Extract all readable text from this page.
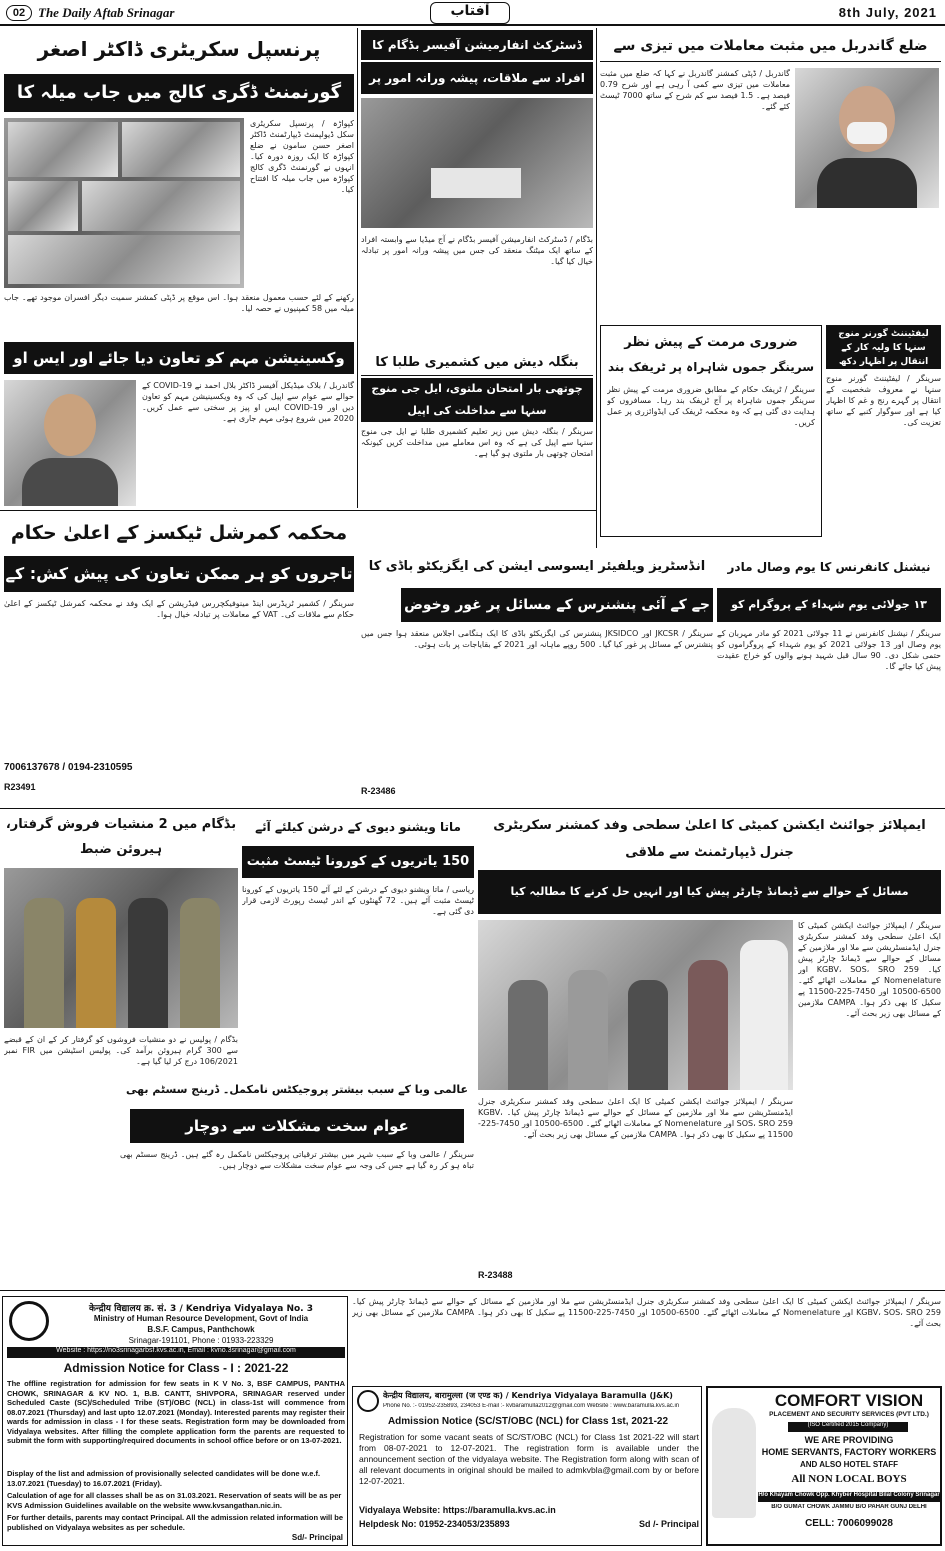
02 The Daily Aftab Srinagar	آفتاب	8th July, 2021
پرنسپل سکریٹری ڈاکٹر اصغر
گورنمنٹ ڈگری کالج میں جاب میلہ کا
کپواڑہ / پرنسپل سکریٹری سکل ڈیولپمنٹ ڈیپارٹمنٹ ڈاکٹر اصغر حسن سامون نے ضلع کپواڑہ کا ایک روزہ دورہ کیا۔ انہوں نے گورنمنٹ ڈگری کالج کپواڑہ میں جاب میلہ کا افتتاح کیا۔
رکھنے کے لئے حسب معمول منعقد ہوا۔ اس موقع پر ڈپٹی کمشنر سمیت دیگر افسران موجود تھے۔ جاب میلہ میں 58 کمپنیوں نے حصہ لیا۔
وکسینیشن مہم کو تعاون دیا جائے اور ایس او
گاندربل / بلاک میڈیکل آفیسر ڈاکٹر بلال احمد نے COVID-19 کے حوالے سے عوام سے اپیل کی کہ وہ ویکسینیشن مہم کو تعاون دیں اور COVID-19 ایس او پیز پر سختی سے عمل کریں۔ 2020 میں شروع ہوئی مہم جاری ہے۔
ڈسٹرکٹ انفارمیشن آفیسر بڈگام کا
افراد سے ملاقات، پیشہ ورانہ امور پر
بڈگام / ڈسٹرکٹ انفارمیشن آفیسر بڈگام نے آج میڈیا سے وابستہ افراد کے ساتھ ایک میٹنگ منعقد کی جس میں پیشہ ورانہ امور پر تبادلہ خیال کیا گیا۔
بنگلہ دیش میں کشمیری طلبا کا
چوتھی بار امتحان ملتوی، ایل جی منوج سنہا سے مداخلت کی اپیل
سرینگر / بنگلہ دیش میں زیر تعلیم کشمیری طلبا نے ایل جی منوج سنہا سے اپیل کی ہے کہ وہ اس معاملے میں مداخلت کریں کیونکہ امتحان چوتھی بار ملتوی ہو گیا ہے۔
ضلع گاندربل میں مثبت معاملات میں تیزی سے
گاندربل / ڈپٹی کمشنر گاندربل نے کہا کہ ضلع میں مثبت معاملات میں تیزی سے کمی آ رہی ہے اور شرح 0.79 فیصد ہے۔ 1.5 فیصد سے کم شرح کے ساتھ 7000 ٹیسٹ کئے گئے۔
ضروری مرمت کے پیش نظر
سرینگر جموں شاہراہ پر ٹریفک بند
سرینگر / ٹریفک حکام کے مطابق ضروری مرمت کے پیش نظر سرینگر جموں شاہراہ پر آج ٹریفک بند رہا۔ مسافروں کو ہدایت دی گئی ہے کہ وہ محکمہ ٹریفک کی ایڈوائزری پر عمل کریں۔
لیفٹیننٹ گورنر منوج سنہا کا ولیہ کار کے انتقال پر اظہار دکھ
سرینگر / لیفٹیننٹ گورنر منوج سنہا نے معروف شخصیت کے انتقال پر گہرے رنج و غم کا اظہار کیا ہے اور سوگوار کنبے کے ساتھ تعزیت کی۔
محکمہ کمرشل ٹیکسز کے اعلیٰ حکام
تاجروں کو ہر ممکن تعاون کی پیش کش: کے
سرینگر / کشمیر ٹریڈرس اینڈ مینوفیکچررس فیڈریشن کے ایک وفد نے محکمہ کمرشل ٹیکسز کے اعلیٰ حکام سے ملاقات کی۔ VAT کے معاملات پر تبادلہ خیال ہوا۔
7006137678 / 0194-2310595
R23491
انڈسٹریز ویلفیئر ایسوسی ایشن کی ایگزیکٹو باڈی کا
جے کے آئی پنشنرس کے مسائل پر غور وخوض
سرینگر / JKCSR اور JKSIDCO پنشنرس کی ایگزیکٹو باڈی کا ایک ہنگامی اجلاس منعقد ہوا جس میں پنشنرس کے مسائل پر غور کیا گیا۔ 500 روپے ماہانہ اور 2021 کے بقایاجات پر بات ہوئی۔
R-23486
نیشنل کانفرنس کا یوم وصال مادر
۱۳ جولائی یوم شہداء کے پروگرام کو
سرینگر / نیشنل کانفرنس نے 11 جولائی 2021 کو مادر مہربان کے یوم وصال اور 13 جولائی 2021 کو یوم شہداء کے پروگراموں کو حتمی شکل دی۔ 90 سال قبل شہید ہونے والوں کو خراج عقیدت پیش کیا جائے گا۔
بڈگام میں 2 منشیات فروش گرفتار، ہیروئن ضبط
بڈگام / پولیس نے دو منشیات فروشوں کو گرفتار کر کے ان کے قبضے سے 300 گرام ہیروئن برآمد کی۔ پولیس اسٹیشن میں FIR نمبر 106/2021 درج کر لیا گیا ہے۔
ماتا ویشنو دیوی کے درشن کیلئے آئے
150 یاتریوں کے کورونا ٹیسٹ مثبت
ریاسی / ماتا ویشنو دیوی کے درشن کے لئے آئے 150 یاتریوں کے کورونا ٹیسٹ مثبت آئے ہیں۔ 72 گھنٹوں کے اندر ٹیسٹ رپورٹ لازمی قرار دی گئی ہے۔
عالمی وبا کے سبب بیشتر پروجیکٹس نامکمل۔ ڈرینج سسٹم بھی
عوام سخت مشکلات سے دوچار
سرینگر / عالمی وبا کے سبب شہر میں بیشتر ترقیاتی پروجیکٹس نامکمل رہ گئے ہیں۔ ڈرینج سسٹم بھی تباہ ہو کر رہ گیا ہے جس کی وجہ سے عوام سخت مشکلات سے دوچار ہیں۔
ایمپلائز جوائنٹ ایکشن کمیٹی کا اعلیٰ سطحی وفد کمشنر سکریٹری جنرل ڈیپارٹمنٹ سے ملاقی
مسائل کے حوالے سے ڈیمانڈ چارٹر پیش کیا اور انہیں حل کرنے کا مطالبہ کیا
سرینگر / ایمپلائز جوائنٹ ایکشن کمیٹی کا ایک اعلیٰ سطحی وفد کمشنر سکریٹری جنرل ایڈمنسٹریشن سے ملا اور ملازمین کے مسائل کے حوالے سے ڈیمانڈ چارٹر پیش کیا۔ KGBV، SOS، SRO 259 اور Nomenelature کے معاملات اٹھائے گئے۔ 6500-10500 اور 7450-225-11500 پے سکیل کا بھی ذکر ہوا۔ CAMPA ملازمین کے مسائل بھی زیر بحث آئے۔
سرینگر / ایمپلائز جوائنٹ ایکشن کمیٹی کا ایک اعلیٰ سطحی وفد کمشنر سکریٹری جنرل ایڈمنسٹریشن سے ملا اور ملازمین کے مسائل کے حوالے سے ڈیمانڈ چارٹر پیش کیا۔ KGBV، SOS، SRO 259 اور Nomenelature کے معاملات اٹھائے گئے۔ 6500-10500 اور 7450-225-11500 پے سکیل کا بھی ذکر ہوا۔ CAMPA ملازمین کے مسائل بھی زیر بحث آئے۔
R-23488
केन्द्रीय विद्यालय क्र. सं. 3 / Kendriya Vidyalaya No. 3
Ministry of Human Resource Development, Govt of India
B.S.F. Campus, Panthchowk
Srinagar-191101, Phone : 01933-223329
Website : https://no3srinagarbsf.kvs.ac.in, Email : kvno.3srinagar@gmail.com
Admission Notice for Class - I : 2021-22
The offline registration for admission for few seats in K V No. 3, BSF CAMPUS, PANTHA CHOWK, SRINAGAR & KV NO. 1, B.B. CANTT, SHIVPORA, SRINAGAR reserved under Scheduled Caste (SC)/Scheduled Tribe (ST)/OBC (NCL) in class-1st will commence from 08.07.2021 (Thursday) and last upto 12.07.2021 (Monday). Interested parents may register their wards for admission in class - I for these seats. Registration form may be downloaded from Vidyalaya websites. After filling the complete application form the parents are requested to submit the form with supporting/required documents in school office before or on 13-07-2021.
Display of the list and admission of provisionally selected candidates will be done w.e.f. 13.07.2021 (Tuesday) to 16.07.2021 (Friday).
Calculation of age for all classes shall be as on 31.03.2021. Reservation of seats will be as per KVS Admission Guidelines available on the website www.kvsangathan.nic.in.
For further details, parents may contact Principal. All the admission related information will be published on Vidyalaya websites as per schedule.
Sd/- Principal
केन्द्रीय विद्यालय, बारामुल्ला (ज एण्ड क) / Kendriya Vidyalaya Baramulla (J&K)
Phone No. :- 01952-235893, 234053 E-mail :- kvbaramulla2012@gmail.com Website : www.baramulla.kvs.ac.in
Admission Notice (SC/ST/OBC (NCL) for Class 1st, 2021-22
Registration for some vacant seats of SC/ST/OBC (NCL) for Class 1st 2021-22 will start from 08-07-2021 to 12-07-2021. The registration form is available under the announcement section of the vidyalaya website. The Registration form along with scan of all relevant documents in original should be mailed to admkvbla@gmail.com by or before 12-07-2021.
Vidyalaya Website: https://baramulla.kvs.ac.in
Helpdesk No: 01952-234053/235893	Sd /- Principal
COMFORT VISION
PLACEMENT AND SECURITY SERVICES (PVT LTD.)
(ISO Certified 2015 Company)
WE ARE PROVIDING
HOME SERVANTS, FACTORY WORKERS
AND ALSO HOTEL STAFF
All NON LOCAL BOYS
H/o Khayam Chowk Opp. Khyber Hospital Bilal Colony Srinagar
B/O GUMAT CHOWK JAMMU B/O PAHAR GUNJ DELHI
CELL: 7006099028
سرینگر / ایمپلائز جوائنٹ ایکشن کمیٹی کا ایک اعلیٰ سطحی وفد کمشنر سکریٹری جنرل ایڈمنسٹریشن سے ملا اور ملازمین کے مسائل کے حوالے سے ڈیمانڈ چارٹر پیش کیا۔ KGBV، SOS، SRO 259 اور Nomenelature کے معاملات اٹھائے گئے۔ 6500-10500 اور 7450-225-11500 پے سکیل کا بھی ذکر ہوا۔ CAMPA ملازمین کے مسائل بھی زیر بحث آئے۔
